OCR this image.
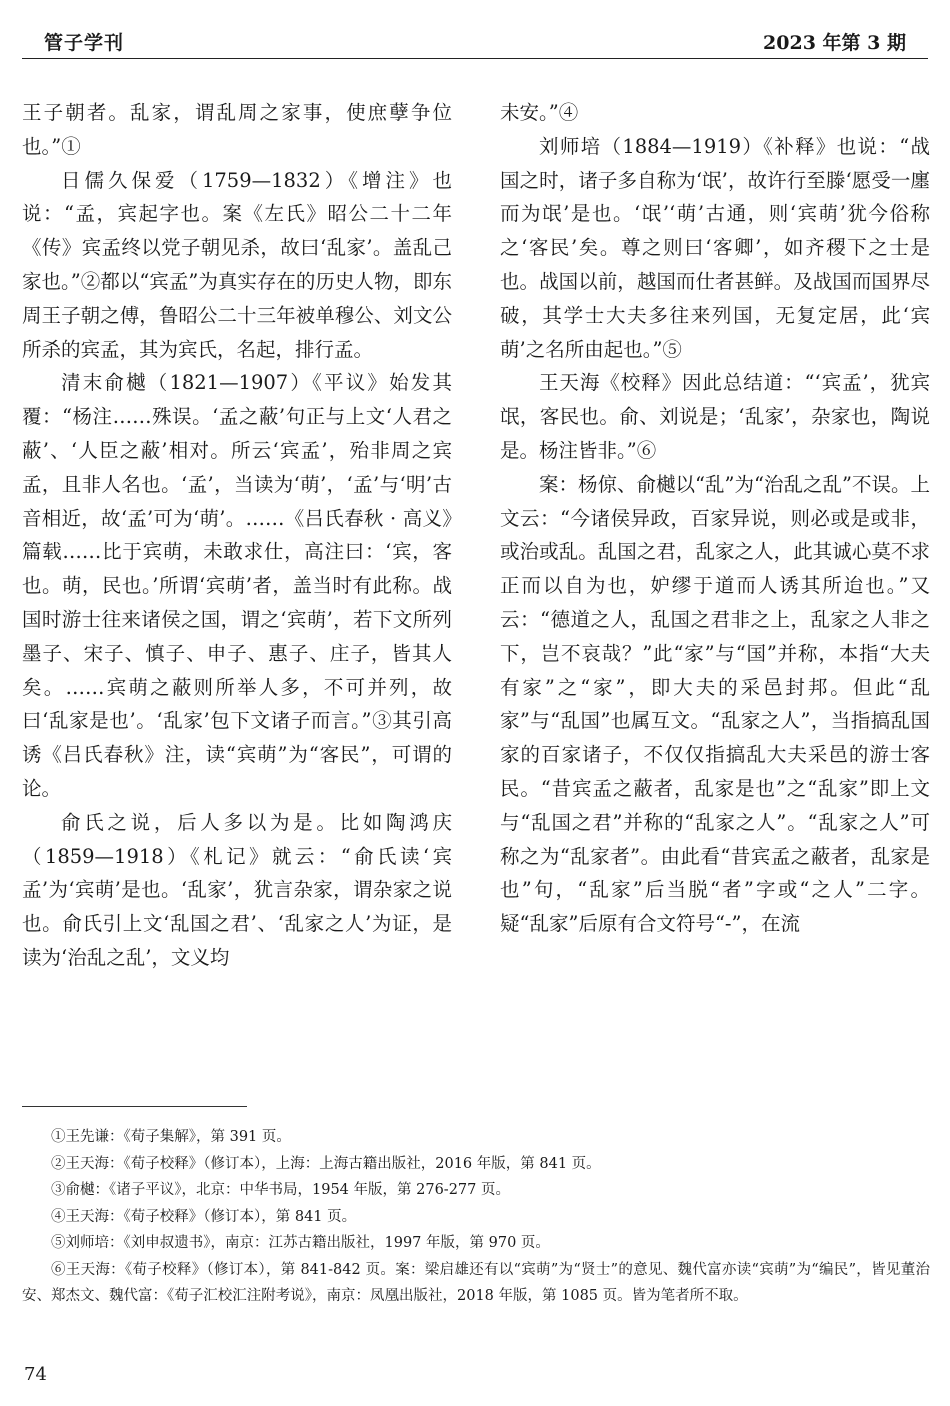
管子学刊	2023 年第 3 期

王子朝者。乱家，谓乱周之家事，使庶孽争位也。”①

日儒久保爱（1759—1832）《增注》也说：“孟，宾起字也。案《左氏》昭公二十二年《传》宾孟终以党子朝见杀，故曰‘乱家’。盖乱己家也。”②都以“宾孟”为真实存在的历史人物，即东周王子朝之傅，鲁昭公二十三年被单穆公、刘文公所杀的宾孟，其为宾氏，名起，排行孟。

清末俞樾（1821—1907）《平议》始发其覆：“杨注……殊误。‘孟之蔽’句正与上文‘人君之蔽’、‘人臣之蔽’相对。所云‘宾孟’，殆非周之宾孟，且非人名也。‘孟’，当读为‘萌’，‘孟’与‘明’古音相近，故‘孟’可为‘萌’。……《吕氏春秋 · 高义》篇载……比于宾萌，未敢求仕，高注曰：‘宾，客也。萌，民也。’所谓‘宾萌’者，盖当时有此称。战国时游士往来诸侯之国，谓之‘宾萌’，若下文所列墨子、宋子、慎子、申子、惠子、庄子，皆其人矣。……宾萌之蔽则所举人多，不可并列，故曰‘乱家是也’。‘乱家’包下文诸子而言。”③其引高诱《吕氏春秋》注，读“宾萌”为“客民”，可谓的论。

俞氏之说，后人多以为是。比如陶鸿庆（1859—1918）《札记》就云：“俞氏读‘宾孟’为‘宾萌’是也。‘乱家’，犹言杂家，谓杂家之说也。俞氏引上文‘乱国之君’、‘乱家之人’为证，是读为‘治乱之乱’，文义均

未安。”④

刘师培（1884—1919）《补释》也说：“战国之时，诸子多自称为‘氓’，故许行至滕‘愿受一廛而为氓’是也。‘氓’‘萌’古通，则‘宾萌’犹今俗称之‘客民’矣。尊之则曰‘客卿’，如齐稷下之士是也。战国以前，越国而仕者甚鲜。及战国而国界尽破，其学士大夫多往来列国，无复定居，此‘宾萌’之名所由起也。”⑤

王天海《校释》因此总结道：“‘宾孟’，犹宾氓，客民也。俞、刘说是；‘乱家’，杂家也，陶说是。杨注皆非。”⑥

案：杨倞、俞樾以“乱”为“治乱之乱”不误。上文云：“今诸侯异政，百家异说，则必或是或非，或治或乱。乱国之君，乱家之人，此其诚心莫不求正而以自为也，妒缪于道而人诱其所迨也。”又云：“德道之人，乱国之君非之上，乱家之人非之下，岂不哀哉？”此“家”与“国”并称，本指“大夫有家”之“家”，即大夫的采邑封邦。但此“乱家”与“乱国”也属互文。“乱家之人”，当指搞乱国家的百家诸子，不仅仅指搞乱大夫采邑的游士客民。“昔宾孟之蔽者，乱家是也”之“乱家”即上文与“乱国之君”并称的“乱家之人”。“乱家之人”可称之为“乱家者”。由此看“昔宾孟之蔽者，乱家是也”句，“乱家”后当脱“者”字或“之人”二字。疑“乱家”后原有合文符号“-”，在流

①王先谦：《荀子集解》，第 391 页。

②王天海：《荀子校释》（修订本），上海：上海古籍出版社，2016 年版，第 841 页。

③俞樾：《诸子平议》，北京：中华书局，1954 年版，第 276-277 页。

④王天海：《荀子校释》（修订本），第 841 页。

⑤刘师培：《刘申叔遗书》，南京：江苏古籍出版社，1997 年版，第 970 页。

⑥王天海：《荀子校释》（修订本），第 841-842 页。案：梁启雄还有以“宾萌”为“贤士”的意见、魏代富亦读“宾萌”为“编民”，皆见董治安、郑杰文、魏代富：《荀子汇校汇注附考说》，南京：凤凰出版社，2018 年版，第 1085 页。皆为笔者所不取。

74
